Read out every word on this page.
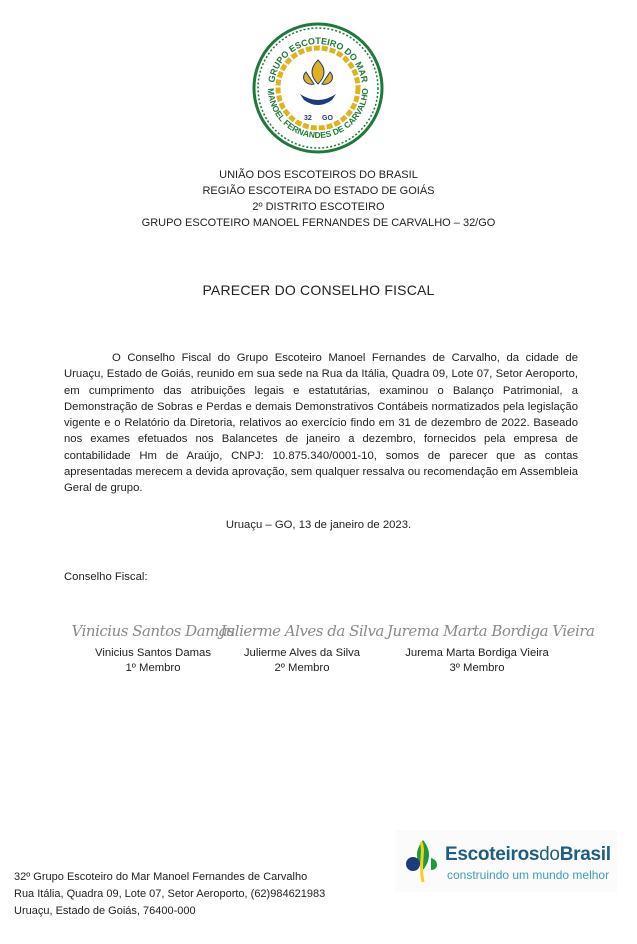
GRUPO ESCOTEIRO DO MAR
MANOEL FERNANDES DE CARVALHO
32 GO
UNIÃO DOS ESCOTEIROS DO BRASIL
REGIÃO ESCOTEIRA DO ESTADO DE GOIÁS
2º DISTRITO ESCOTEIRO
GRUPO ESCOTEIRO MANOEL FERNANDES DE CARVALHO – 32/GO
PARECER DO CONSELHO FISCAL
O Conselho Fiscal do Grupo Escoteiro Manoel Fernandes de Carvalho, da cidade de Uruaçu, Estado de Goiás, reunido em sua sede na Rua da Itália, Quadra 09, Lote 07, Setor Aeroporto, em cumprimento das atribuições legais e estatutárias, examinou o Balanço Patrimonial, a Demonstração de Sobras e Perdas e demais Demonstrativos Contábeis normatizados pela legislação vigente e o Relatório da Diretoria, relativos ao exercício findo em 31 de dezembro de 2022. Baseado nos exames efetuados nos Balancetes de janeiro a dezembro, fornecidos pela empresa de contabilidade Hm de Araújo, CNPJ: 10.875.340/0001-10, somos de parecer que as contas apresentadas merecem a devida aprovação, sem qualquer ressalva ou recomendação em Assembleia Geral de grupo.
Uruaçu – GO, 13 de janeiro de 2023.
Conselho Fiscal:
Vinicius Santos Damas
Vinicius Santos Damas
1º Membro
Julierme Alves da Silva
Julierme Alves da Silva
2º Membro
Jurema Marta Bordiga Vieira
Jurema Marta Bordiga Vieira
3º Membro
32º Grupo Escoteiro do Mar Manoel Fernandes de Carvalho
Rua Itália, Quadra 09, Lote 07, Setor Aeroporto, (62)984621983
Uruaçu, Estado de Goiás, 76400-000
EscoteirosdoBrasil
construindo um mundo melhor
